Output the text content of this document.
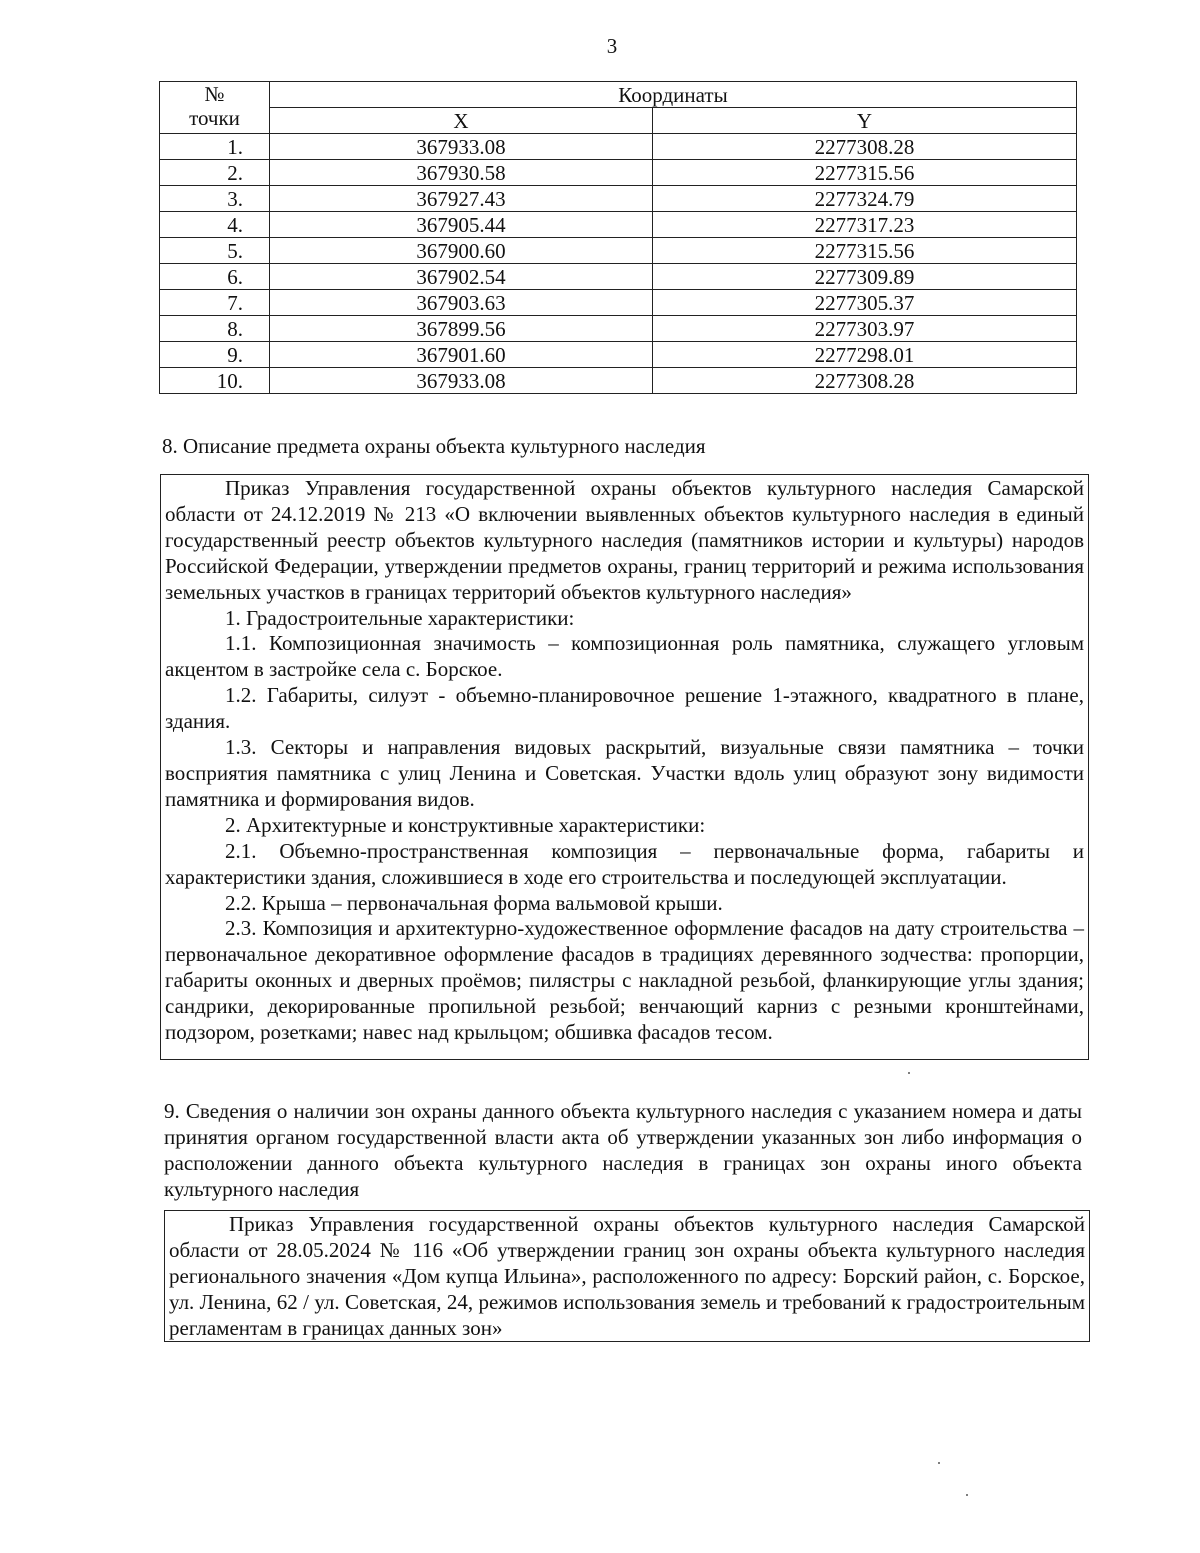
3
№
точки	Координаты	
	X	Y
1.	367933.08	2277308.28
2.	367930.58	2277315.56
3.	367927.43	2277324.79
4.	367905.44	2277317.23
5.	367900.60	2277315.56
6.	367902.54	2277309.89
7.	367903.63	2277305.37
8.	367899.56	2277303.97
9.	367901.60	2277298.01
10.	367933.08	2277308.28
8. Описание предмета охраны объекта культурного наследия

Приказ Управления государственной охраны объектов культурного наследия Самарской области от 24.12.2019 № 213 «О включении выявленных объектов культурного наследия в единый государственный реестр объектов культурного наследия (памятников истории и культуры) народов Российской Федерации, утверждении предметов охраны, границ территорий и режима использования земельных участков в границах территорий объектов культурного наследия»

1. Градостроительные характеристики:

1.1. Композиционная значимость – композиционная роль памятника, служащего угловым акцентом в застройке села с. Борское.

1.2. Габариты, силуэт - объемно-планировочное решение 1-этажного, квадратного в плане, здания.

1.3. Секторы и направления видовых раскрытий, визуальные связи памятника – точки восприятия памятника с улиц Ленина и Советская. Участки вдоль улиц образуют зону видимости памятника и формирования видов.

2. Архитектурные и конструктивные характеристики:

2.1. Объемно-пространственная композиция – первоначальные форма, габариты и характеристики здания, сложившиеся в ходе его строительства и последующей эксплуатации.

2.2. Крыша – первоначальная форма вальмовой крыши.

2.3. Композиция и архитектурно-художественное оформление фасадов на дату строительства – первоначальное декоративное оформление фасадов в традициях деревянного зодчества: пропорции, габариты оконных и дверных проёмов; пилястры с накладной резьбой, фланкирующие углы здания; сандрики, декорированные пропильной резьбой; венчающий карниз с резными кронштейнами, подзором, розетками; навес над крыльцом; обшивка фасадов тесом.

9. Сведения о наличии зон охраны данного объекта культурного наследия с указанием номера и даты принятия органом государственной власти акта об утверждении указанных зон либо информация о расположении данного объекта культурного наследия в границах зон охраны иного объекта культурного наследия

Приказ Управления государственной охраны объектов культурного наследия Самарской области от 28.05.2024 № 116 «Об утверждении границ зон охраны объекта культурного наследия регионального значения «Дом купца Ильина», расположенного по адресу: Борский район, с. Борское, ул. Ленина, 62 / ул. Советская, 24, режимов использования земель и требований к градостроительным регламентам в границах данных зон»
